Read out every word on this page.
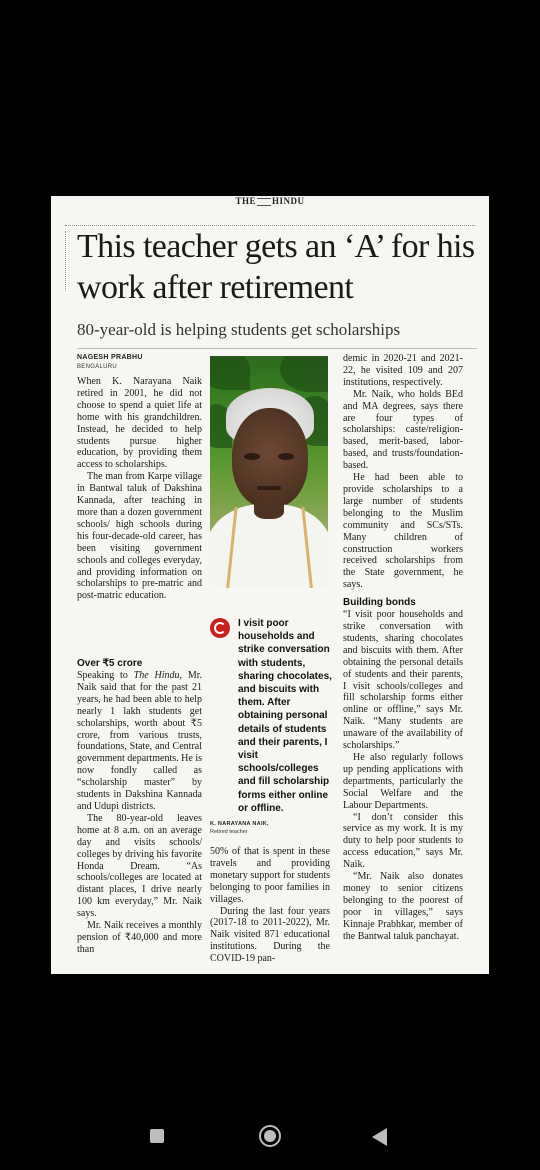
THE HINDU
This teacher gets an ‘A’ for his work after retirement
80-year-old is helping students get scholarships
NAGESH PRABHU
BENGALURU

When K. Narayana Naik retired in 2001, he did not choose to spend a quiet life at home with his grandchildren. Instead, he decided to help students pursue higher education, by providing them access to scholarships.

The man from Karpe village in Bantwal taluk of Dakshina Kannada, after teaching in more than a dozen government schools/ high schools during his four-decade-old career, has been visiting government schools and colleges everyday, and providing information on scholarships to pre-matric and post-matric education.

Over ₹5 crore

Speaking to The Hindu, Mr. Naik said that for the past 21 years, he had been able to help nearly 1 lakh students get scholarships, worth about ₹5 crore, from various trusts, foundations, State, and Central government departments. He is now fondly called as “scholarship master” by students in Dakshina Kannada and Udupi districts.

The 80-year-old leaves home at 8 a.m. on an average day and visits schools/ colleges by driving his favorite Honda Dream. “As schools/colleges are located at distant places, I drive nearly 100 km everyday,” Mr. Naik says.

Mr. Naik receives a monthly pension of ₹40,000 and more than

I visit poor households and strike conversation with students, sharing chocolates, and biscuits with them. After obtaining personal details of students and their parents, I visit schools/colleges and fill scholarship forms either online or offline.
K. NARAYANA NAIK,
Retired teacher

50% of that is spent in these travels and providing monetary support for students belonging to poor families in villages.

During the last four years (2017-18 to 2011-2022), Mr. Naik visited 871 educational institutions. During the COVID-19 pan-

demic in 2020-21 and 2021-22, he visited 109 and 207 institutions, respectively.

Mr. Naik, who holds BEd and MA degrees, says there are four types of scholarships: caste/religion-based, merit-based, labor-based, and trusts/foundation-based.

He had been able to provide scholarships to a large number of students belonging to the Muslim community and SCs/STs. Many children of construction workers received scholarships from the State government, he says.

Building bonds

“I visit poor households and strike conversation with students, sharing chocolates and biscuits with them. After obtaining the personal details of students and their parents, I visit schools/colleges and fill scholarship forms either online or offline,” says Mr. Naik. “Many students are unaware of the availability of scholarships.”

He also regularly follows up pending applications with departments, particularly the Social Welfare and the Labour Departments.

“I don’t consider this service as my work. It is my duty to help poor students to access education,” says Mr. Naik.

“Mr. Naik also donates money to senior citizens belonging to the poorest of poor in villages,” says Kinnaje Prabhkar, member of the Bantwal taluk panchayat.
